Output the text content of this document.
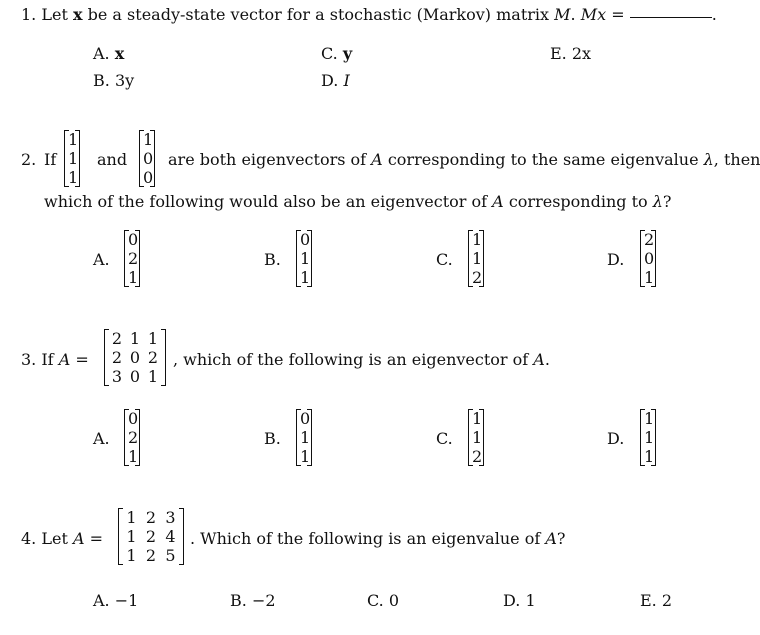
1. Let x be a steady-state vector for a stochastic (Markov) matrix M. Mx =	.
A. x
B. 3y
C. y
D. I
E. 2x
2. If
1
1
1
and
1
0
0
are both eigenvectors of A corresponding to the same eigenvalue λ, then
which of the following would also be an eigenvector of A corresponding to λ?
A.
0
2
1
B.
0
1
1
C.
1
1
2
D.
2
0
1
3. If A =
2 1 1
2 0 2
3 0 1
, which of the following is an eigenvector of A.
A.
0
2
1
B.
0
1
1
C.
1
1
2
D.
1
1
1
4. Let A =
1 2 3
1 2 4
1 2 5
. Which of the following is an eigenvalue of A?
A. −1	B. −2	C. 0	D. 1	E. 2
